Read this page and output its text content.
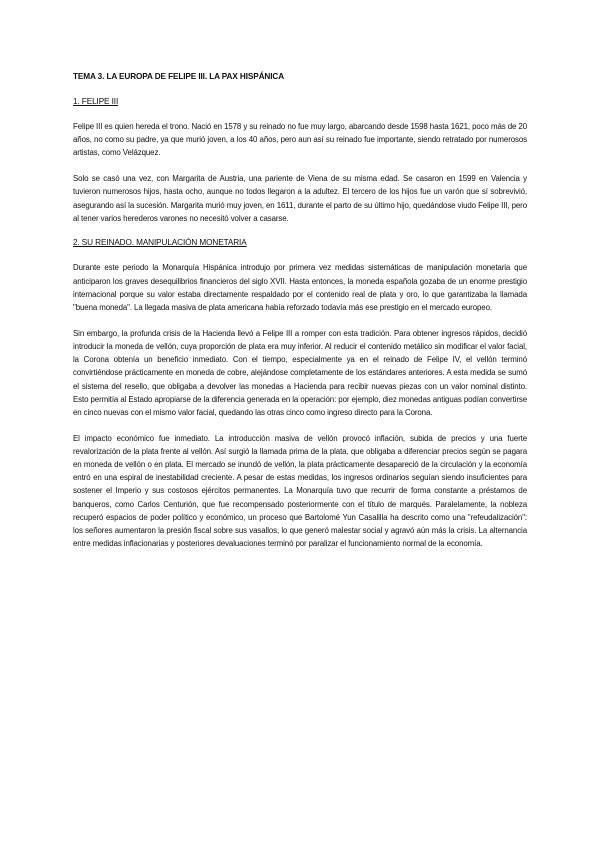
TEMA 3. LA EUROPA DE FELIPE III. LA PAX HISPÁNICA
1. FELIPE III

Felipe III es quien hereda el trono. Nació en 1578 y su reinado no fue muy largo, abarcando desde 1598 hasta 1621, poco más de 20 años, no como su padre, ya que murió joven, a los 40 años, pero aun así su reinado fue importante, siendo retratado por numerosos artistas, como Velázquez.

Solo se casó una vez, con Margarita de Austria, una pariente de Viena de su misma edad. Se casaron en 1599 en Valencia y tuvieron numerosos hijos, hasta ocho, aunque no todos llegaron a la adultez. El tercero de los hijos fue un varón que sí sobrevivió, asegurando así la sucesión. Margarita murió muy joven, en 1611, durante el parto de su último hijo, quedándose viudo Felipe III, pero al tener varios herederos varones no necesitó volver a casarse.

2. SU REINADO. MANIPULACIÓN MONETARIA

Durante este periodo la Monarquía Hispánica introdujo por primera vez medidas sistemáticas de manipulación monetaria que anticiparon los graves desequilibrios financieros del siglo XVII. Hasta entonces, la moneda española gozaba de un enorme prestigio internacional porque su valor estaba directamente respaldado por el contenido real de plata y oro, lo que garantizaba la llamada "buena moneda". La llegada masiva de plata americana había reforzado todavía más ese prestigio en el mercado europeo.

Sin embargo, la profunda crisis de la Hacienda llevó a Felipe III a romper con esta tradición. Para obtener ingresos rápidos, decidió introducir la moneda de vellón, cuya proporción de plata era muy inferior. Al reducir el contenido metálico sin modificar el valor facial, la Corona obtenía un beneficio inmediato. Con el tiempo, especialmente ya en el reinado de Felipe IV, el vellón terminó convirtiéndose prácticamente en moneda de cobre, alejándose completamente de los estándares anteriores. A esta medida se sumó el sistema del resello, que obligaba a devolver las monedas a Hacienda para recibir nuevas piezas con un valor nominal distinto. Esto permitía al Estado apropiarse de la diferencia generada en la operación: por ejemplo, diez monedas antiguas podían convertirse en cinco nuevas con el mismo valor facial, quedando las otras cinco como ingreso directo para la Corona.

El impacto económico fue inmediato. La introducción masiva de vellón provocó inflación, subida de precios y una fuerte revalorización de la plata frente al vellón. Así surgió la llamada prima de la plata, que obligaba a diferenciar precios según se pagara en moneda de vellón o en plata. El mercado se inundó de vellón, la plata prácticamente desapareció de la circulación y la economía entró en una espiral de inestabilidad creciente. A pesar de estas medidas, los ingresos ordinarios seguían siendo insuficientes para sostener el Imperio y sus costosos ejércitos permanentes. La Monarquía tuvo que recurrir de forma constante a préstamos de banqueros, como Carlos Centurión, que fue recompensado posteriormente con el título de marqués. Paralelamente, la nobleza recuperó espacios de poder político y económico, un proceso que Bartolomé Yun Casalilla ha descrito como una "refeudalización": los señores aumentaron la presión fiscal sobre sus vasallos, lo que generó malestar social y agravó aún más la crisis. La alternancia entre medidas inflacionarias y posteriores devaluaciones terminó por paralizar el funcionamiento normal de la economía.
